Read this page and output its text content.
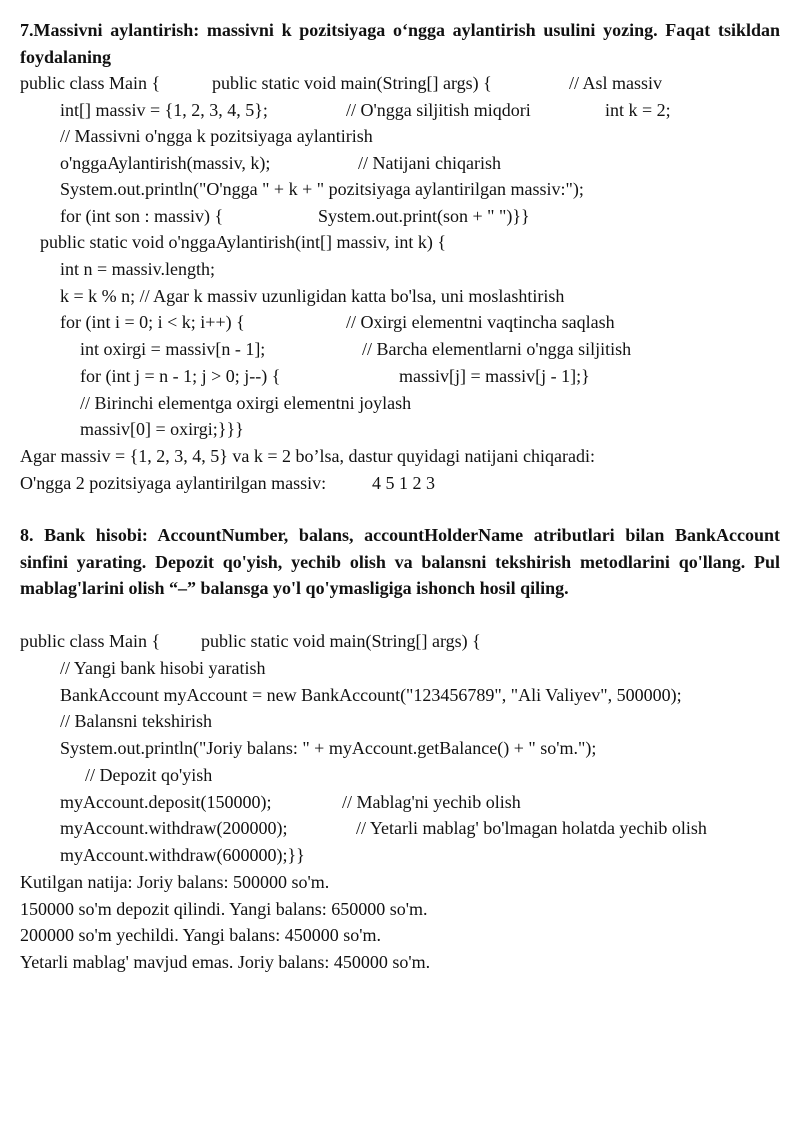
7.Massivni aylantirish: massivni k pozitsiyaga o‘ngga aylantirish usulini yozing. Faqat tsikldan foydalaning

public class Main {

	public static void main(String[] args) {

	// Asl massiv

int[] massiv = {1, 2, 3, 4, 5};

	// O'ngga siljitish miqdori

	int k = 2;

// Massivni o'ngga k pozitsiyaga aylantirish

o'nggaAylantirish(massiv, k);

	// Natijani chiqarish

System.out.println("O'ngga " + k + " pozitsiyaga aylantirilgan massiv:");

for (int son : massiv) {

	System.out.print(son + " ")}}

public static void o'nggaAylantirish(int[] massiv, int k) {

int n = massiv.length;

k = k % n; // Agar k massiv uzunligidan katta bo'lsa, uni moslashtirish

for (int i = 0; i < k; i++) {

	// Oxirgi elementni vaqtincha saqlash

int oxirgi = massiv[n - 1];

	// Barcha elementlarni o'ngga siljitish

for (int j = n - 1; j > 0; j--) {

	massiv[j] = massiv[j - 1];}

// Birinchi elementga oxirgi elementni joylash

massiv[0] = oxirgi;}}}

Agar massiv = {1, 2, 3, 4, 5} va k = 2 bo’lsa, dastur quyidagi natijani chiqaradi:

O'ngga 2 pozitsiyaga aylantirilgan massiv:

	4 5 1 2 3

8. Bank hisobi: AccountNumber, balans, accountHolderName atributlari bilan BankAccount sinfini yarating. Depozit qo'yish, yechib olish va balansni tekshirish metodlarini qo'llang. Pul mablag'larini olish “–” balansga yo'l qo'ymasligiga ishonch hosil qiling.

public class Main {

public static void main(String[] args) {

// Yangi bank hisobi yaratish

BankAccount myAccount = new BankAccount("123456789", "Ali Valiyev", 500000);

// Balansni tekshirish

System.out.println("Joriy balans: " + myAccount.getBalance() + " so'm.");

// Depozit qo'yish

myAccount.deposit(150000);

	// Mablag'ni yechib olish

myAccount.withdraw(200000);

	// Yetarli mablag' bo'lmagan holatda yechib olish

myAccount.withdraw(600000);}}

Kutilgan natija: Joriy balans: 500000 so'm.

150000 so'm depozit qilindi. Yangi balans: 650000 so'm.

200000 so'm yechildi. Yangi balans: 450000 so'm.

Yetarli mablag' mavjud emas. Joriy balans: 450000 so'm.
